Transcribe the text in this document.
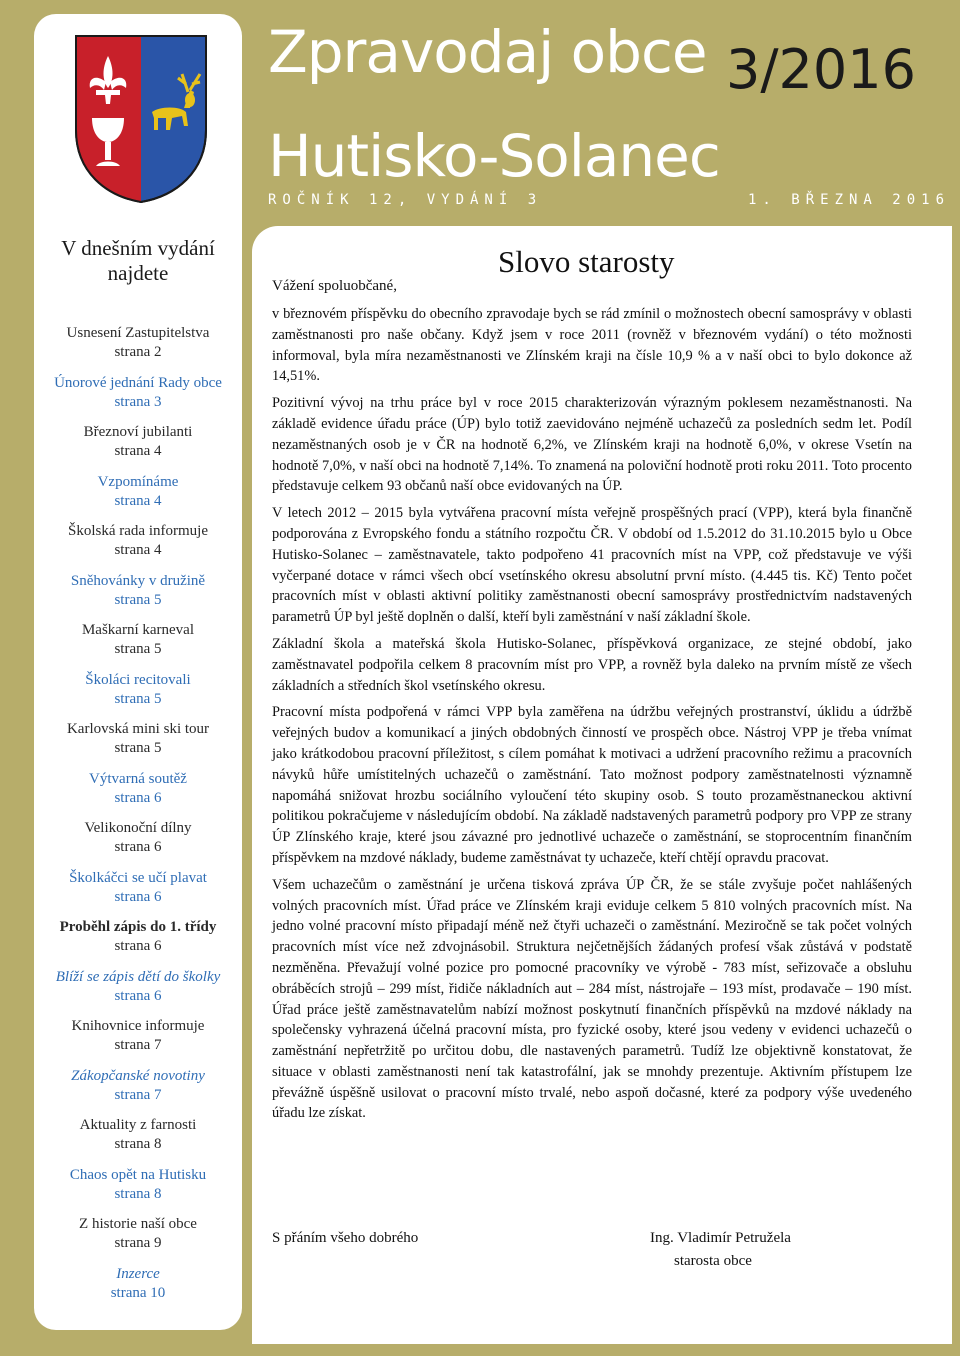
V dnešním vydání najdete
Usnesení Zastupitelstva
strana 2
Únorové jednání Rady obce
strana 3
Březnoví jubilanti
strana 4
Vzpomínáme
strana 4
Školská rada informuje
strana 4
Sněhovánky v družině
strana 5
Maškarní karneval
strana 5
Školáci recitovali
strana 5
Karlovská mini ski tour
strana 5
Výtvarná soutěž
strana 6
Velikonoční dílny
strana 6
Školkáčci se učí plavat
strana 6
Proběhl zápis do 1. třídy
strana 6
Blíží se zápis dětí do školky
strana 6
Knihovnice informuje
strana 7
Zákopčanské novotiny
strana 7
Aktuality z farnosti
strana 8
Chaos opět na Hutisku
strana 8
Z historie naší obce
strana 9
Inzerce
strana 10
Zpravodaj obce 3/2016
Hutisko-Solanec
ROČNÍK 12, VYDÁNÍ 3	1. BŘEZNA 2016
Slovo starosty
Vážení spoluobčané,

v březnovém příspěvku do obecního zpravodaje bych se rád zmínil o možnostech obecní samosprávy v oblasti zaměstnanosti pro naše občany. Když jsem v roce 2011 (rovněž v březnovém vydání) o této možnosti informoval, byla míra nezaměstnanosti ve Zlínském kraji na čísle 10,9 % a v naší obci to bylo dokonce až 14,51%.

Pozitivní vývoj na trhu práce byl v roce 2015 charakterizován výrazným poklesem nezaměstnanosti. Na základě evidence úřadu práce (ÚP) bylo totiž zaevidováno nejméně uchazečů za posledních sedm let. Podíl nezaměstnaných osob je v ČR na hodnotě 6,2%, ve Zlínském kraji na hodnotě 6,0%, v okrese Vsetín na hodnotě 7,0%, v naší obci na hodnotě 7,14%. To znamená na poloviční hodnotě proti roku 2011. Toto procento představuje celkem 93 občanů naší obce evidovaných na ÚP.

V letech 2012 – 2015 byla vytvářena pracovní místa veřejně prospěšných prací (VPP), která byla finančně podporována z Evropského fondu a státního rozpočtu ČR. V období od 1.5.2012 do 31.10.2015 bylo u Obce Hutisko-Solanec – zaměstnavatele, takto podpořeno 41 pracovních míst na VPP, což představuje ve výši vyčerpané dotace v rámci všech obcí vsetínského okresu absolutní první místo. (4.445 tis. Kč) Tento počet pracovních míst v oblasti aktivní politiky zaměstnanosti obecní samosprávy prostřednictvím nadstavených parametrů ÚP byl ještě doplněn o další, kteří byli zaměstnání v naší základní škole.

Základní škola a mateřská škola Hutisko-Solanec, příspěvková organizace, ze stejné období, jako zaměstnavatel podpořila celkem 8 pracovním míst pro VPP, a rovněž byla daleko na prvním místě ze všech základních a středních škol vsetínského okresu.

Pracovní místa podpořená v rámci VPP byla zaměřena na údržbu veřejných prostranství, úklidu a údržbě veřejných budov a komunikací a jiných obdobných činností ve prospěch obce. Nástroj VPP je třeba vnímat jako krátkodobou pracovní příležitost, s cílem pomáhat k motivaci a udržení pracovního režimu a pracovních návyků hůře umístitelných uchazečů o zaměstnání. Tato možnost podpory zaměstnatelnosti významně napomáhá snižovat hrozbu sociálního vyloučení této skupiny osob. S touto prozaměstnaneckou aktivní politikou pokračujeme v následujícím období. Na základě nadstavených parametrů podpory pro VPP ze strany ÚP Zlínského kraje, které jsou závazné pro jednotlivé uchazeče o zaměstnání, se stoprocentním finančním příspěvkem na mzdové náklady, budeme zaměstnávat ty uchazeče, kteří chtějí opravdu pracovat.

Všem uchazečům o zaměstnání je určena tisková zpráva ÚP ČR, že se stále zvyšuje počet nahlášených volných pracovních míst. Úřad práce ve Zlínském kraji eviduje celkem 5 810 volných pracovních míst. Na jedno volné pracovní místo připadají méně než čtyři uchazeči o zaměstnání. Meziročně se tak počet volných pracovních míst více než zdvojnásobil. Struktura nejčetnějších žádaných profesí však zůstává v podstatě nezměněna. Převažují volné pozice pro pomocné pracovníky ve výrobě - 783 míst, seřizovače a obsluhu obráběcích strojů – 299 míst, řidiče nákladních aut – 284 míst, nástrojaře – 193 míst, prodavače – 190 míst. Úřad práce ještě zaměstnavatelům nabízí možnost poskytnutí finančních příspěvků na mzdové náklady na společensky vyhrazená účelná pracovní místa, pro fyzické osoby, které jsou vedeny v evidenci uchazečů o zaměstnání nepřetržitě po určitou dobu, dle nastavených parametrů. Tudíž lze objektivně konstatovat, že situace v oblasti zaměstnanosti není tak katastrofální, jak se mnohdy prezentuje. Aktivním přístupem lze převážně úspěšně usilovat o pracovní místo trvalé, nebo aspoň dočasné, které za podpory výše uvedeného úřadu lze získat.

S přáním všeho dobrého	Ing. Vladimír Petružela
starosta obce
